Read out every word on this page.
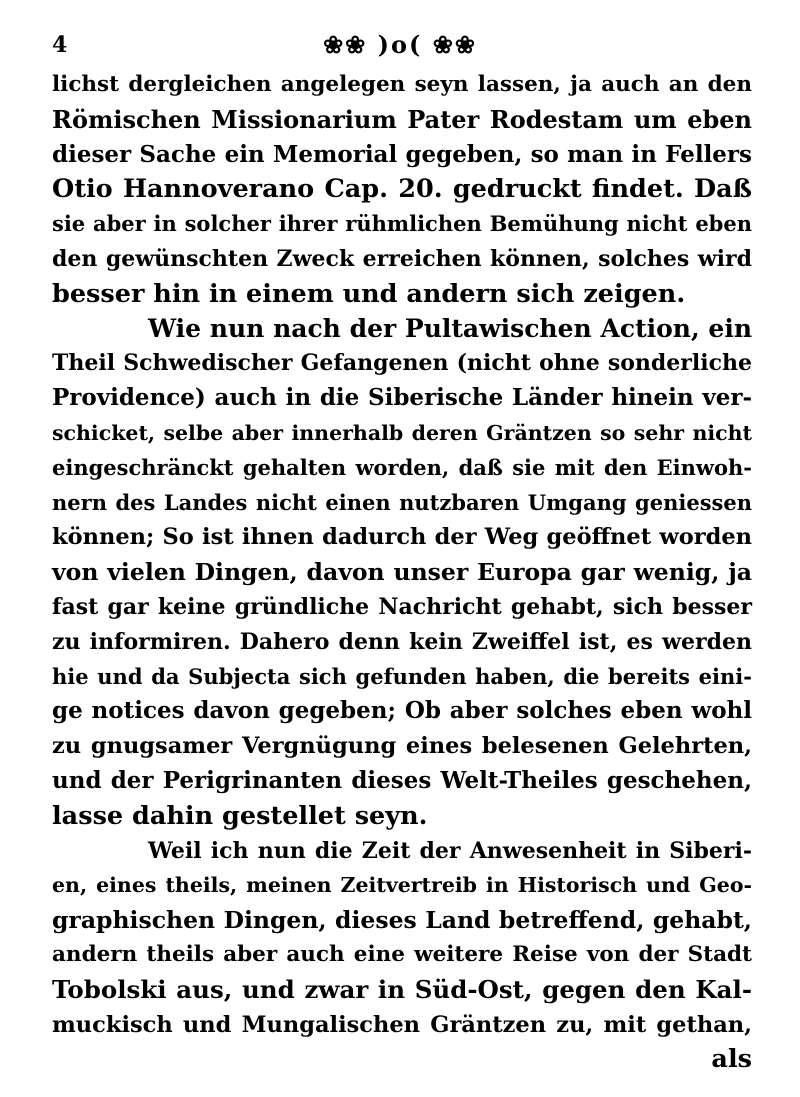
4	❀❀ )o( ❀❀
lichst dergleichen angelegen seyn lassen, ja auch an den
Römischen Missionarium Pater Rodestam um eben
dieser Sache ein Memorial gegeben, so man in Fellers
Otio Hannoverano Cap. 20. gedruckt findet. Daß
sie aber in solcher ihrer rühmlichen Bemühung nicht eben
den gewünschten Zweck erreichen können, solches wird
besser hin in einem und andern sich zeigen.
Wie nun nach der Pultawischen Action, ein
Theil Schwedischer Gefangenen (nicht ohne sonderliche
Providence) auch in die Siberische Länder hinein ver-
schicket, selbe aber innerhalb deren Gräntzen so sehr nicht
eingeschränckt gehalten worden, daß sie mit den Einwoh-
nern des Landes nicht einen nutzbaren Umgang geniessen
können; So ist ihnen dadurch der Weg geöffnet worden
von vielen Dingen, davon unser Europa gar wenig, ja
fast gar keine gründliche Nachricht gehabt, sich besser
zu informiren. Dahero denn kein Zweiffel ist, es werden
hie und da Subjecta sich gefunden haben, die bereits eini-
ge notices davon gegeben; Ob aber solches eben wohl
zu gnugsamer Vergnügung eines belesenen Gelehrten,
und der Perigrinanten dieses Welt-Theiles geschehen,
lasse dahin gestellet seyn.
Weil ich nun die Zeit der Anwesenheit in Siberi-
en, eines theils, meinen Zeitvertreib in Historisch und Geo-
graphischen Dingen, dieses Land betreffend, gehabt,
andern theils aber auch eine weitere Reise von der Stadt
Tobolski aus, und zwar in Süd-Ost, gegen den Kal-
muckisch und Mungalischen Gräntzen zu, mit gethan,
als
